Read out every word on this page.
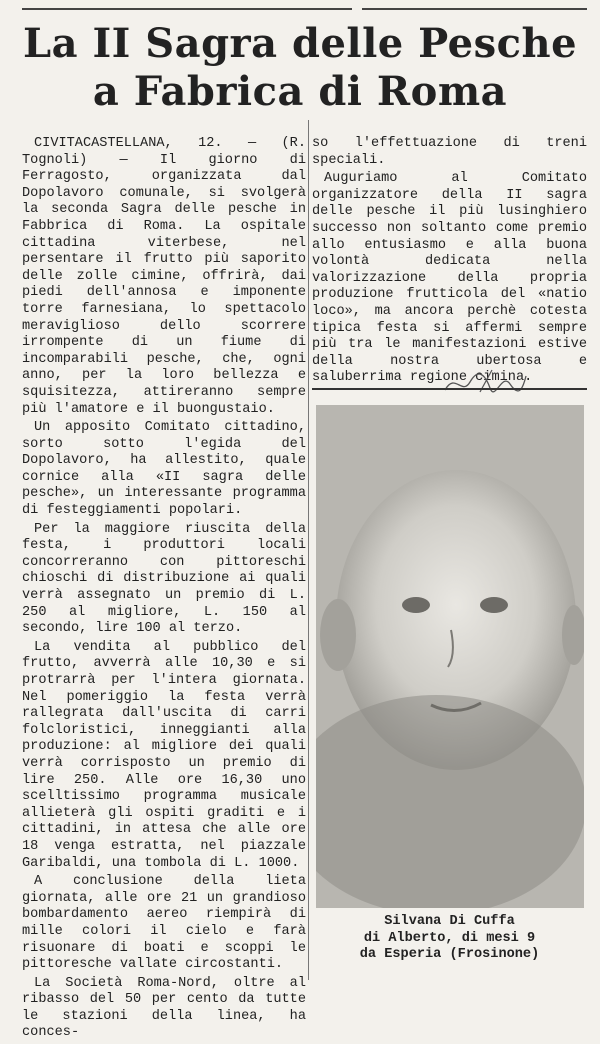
La II Sagra delle Pesche
a Fabrica di Roma

CIVITACASTELLANA, 12. — (R. Tognoli) — Il giorno di Ferragosto, organizzata dal Dopolavoro comunale, si svolgerà la seconda Sagra delle pesche in Fabbrica di Roma. La ospitale cittadina viterbese, nel persentare il frutto più saporito delle zolle cimine, offrirà, dai piedi dell'annosa e imponente torre farnesiana, lo spettacolo meraviglioso dello scorrere irrompente di un fiume di incomparabili pesche, che, ogni anno, per la loro bellezza e squisitezza, attireranno sempre più l'amatore e il buongustaio.

Un apposito Comitato cittadino, sorto sotto l'egida del Dopolavoro, ha allestito, quale cornice alla «II sagra delle pesche», un interessante programma di festeggiamenti popolari.

Per la maggiore riuscita della festa, i produttori locali concorreranno con pittoreschi chioschi di distribuzione ai quali verrà assegnato un premio di L. 250 al migliore, L. 150 al secondo, lire 100 al terzo.

La vendita al pubblico del frutto, avverrà alle 10,30 e si protrarrà per l'intera giornata. Nel pomeriggio la festa verrà rallegrata dall'uscita di carri folcloristici, inneggianti alla produzione: al migliore dei quali verrà corrisposto un premio di lire 250. Alle ore 16,30 uno scelltissimo programma musicale allieterà gli ospiti graditi e i cittadini, in attesa che alle ore 18 venga estratta, nel piazzale Garibaldi, una tombola di L. 1000.

A conclusione della lieta giornata, alle ore 21 un grandioso bombardamento aereo riempirà di mille colori il cielo e farà risuonare di boati e scoppi le pittoresche vallate circostanti.

La Società Roma-Nord, oltre al ribasso del 50 per cento da tutte le stazioni della linea, ha conces-

so l'effettuazione di treni speciali.

Auguriamo al Comitato organizzatore della II sagra delle pesche il più lusinghiero successo non soltanto come premio allo entusiasmo e alla buona volontà dedicata nella valorizzazione della propria produzione frutticola del «natio loco», ma ancora perchè cotesta tipica festa si affermi sempre più tra le manifestazioni estive della nostra ubertosa e saluberrima regione cimina.

Silvana Di Cuffa
di Alberto, di mesi 9
da Esperia (Frosinone)
